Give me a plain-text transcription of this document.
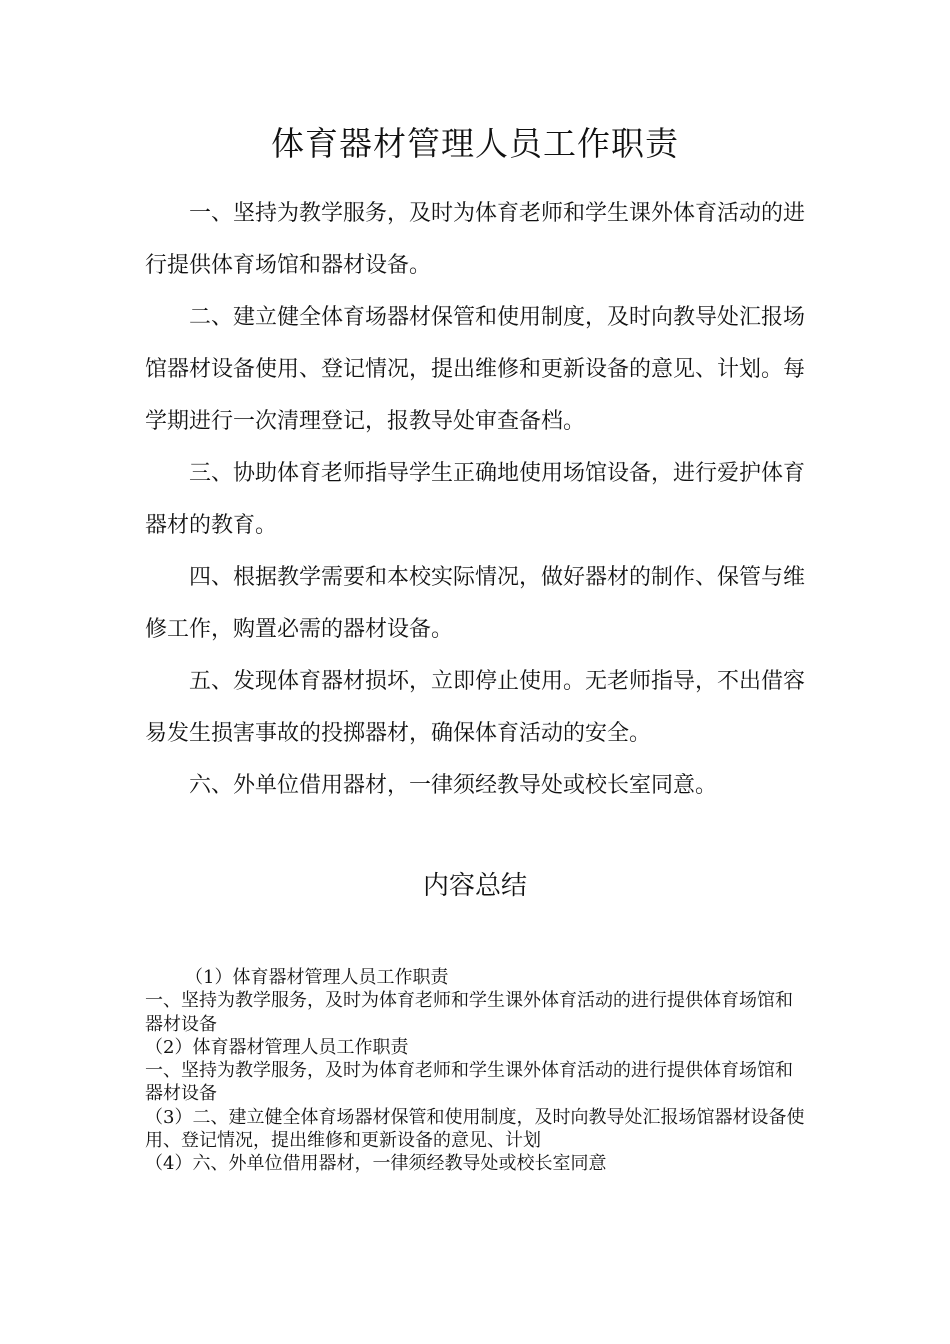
体育器材管理人员工作职责

一、坚持为教学服务，及时为体育老师和学生课外体育活动的进行提供体育场馆和器材设备。

二、建立健全体育场器材保管和使用制度，及时向教导处汇报场馆器材设备使用、登记情况，提出维修和更新设备的意见、计划。每学期进行一次清理登记，报教导处审查备档。

三、协助体育老师指导学生正确地使用场馆设备，进行爱护体育器材的教育。

四、根据教学需要和本校实际情况，做好器材的制作、保管与维修工作，购置必需的器材设备。

五、发现体育器材损坏，立即停止使用。无老师指导，不出借容易发生损害事故的投掷器材，确保体育活动的安全。

六、外单位借用器材，一律须经教导处或校长室同意。

内容总结

（1）体育器材管理人员工作职责

一、坚持为教学服务，及时为体育老师和学生课外体育活动的进行提供体育场馆和器材设备

（2）体育器材管理人员工作职责

一、坚持为教学服务，及时为体育老师和学生课外体育活动的进行提供体育场馆和器材设备

（3）二、建立健全体育场器材保管和使用制度，及时向教导处汇报场馆器材设备使用、登记情况，提出维修和更新设备的意见、计划

（4）六、外单位借用器材，一律须经教导处或校长室同意
